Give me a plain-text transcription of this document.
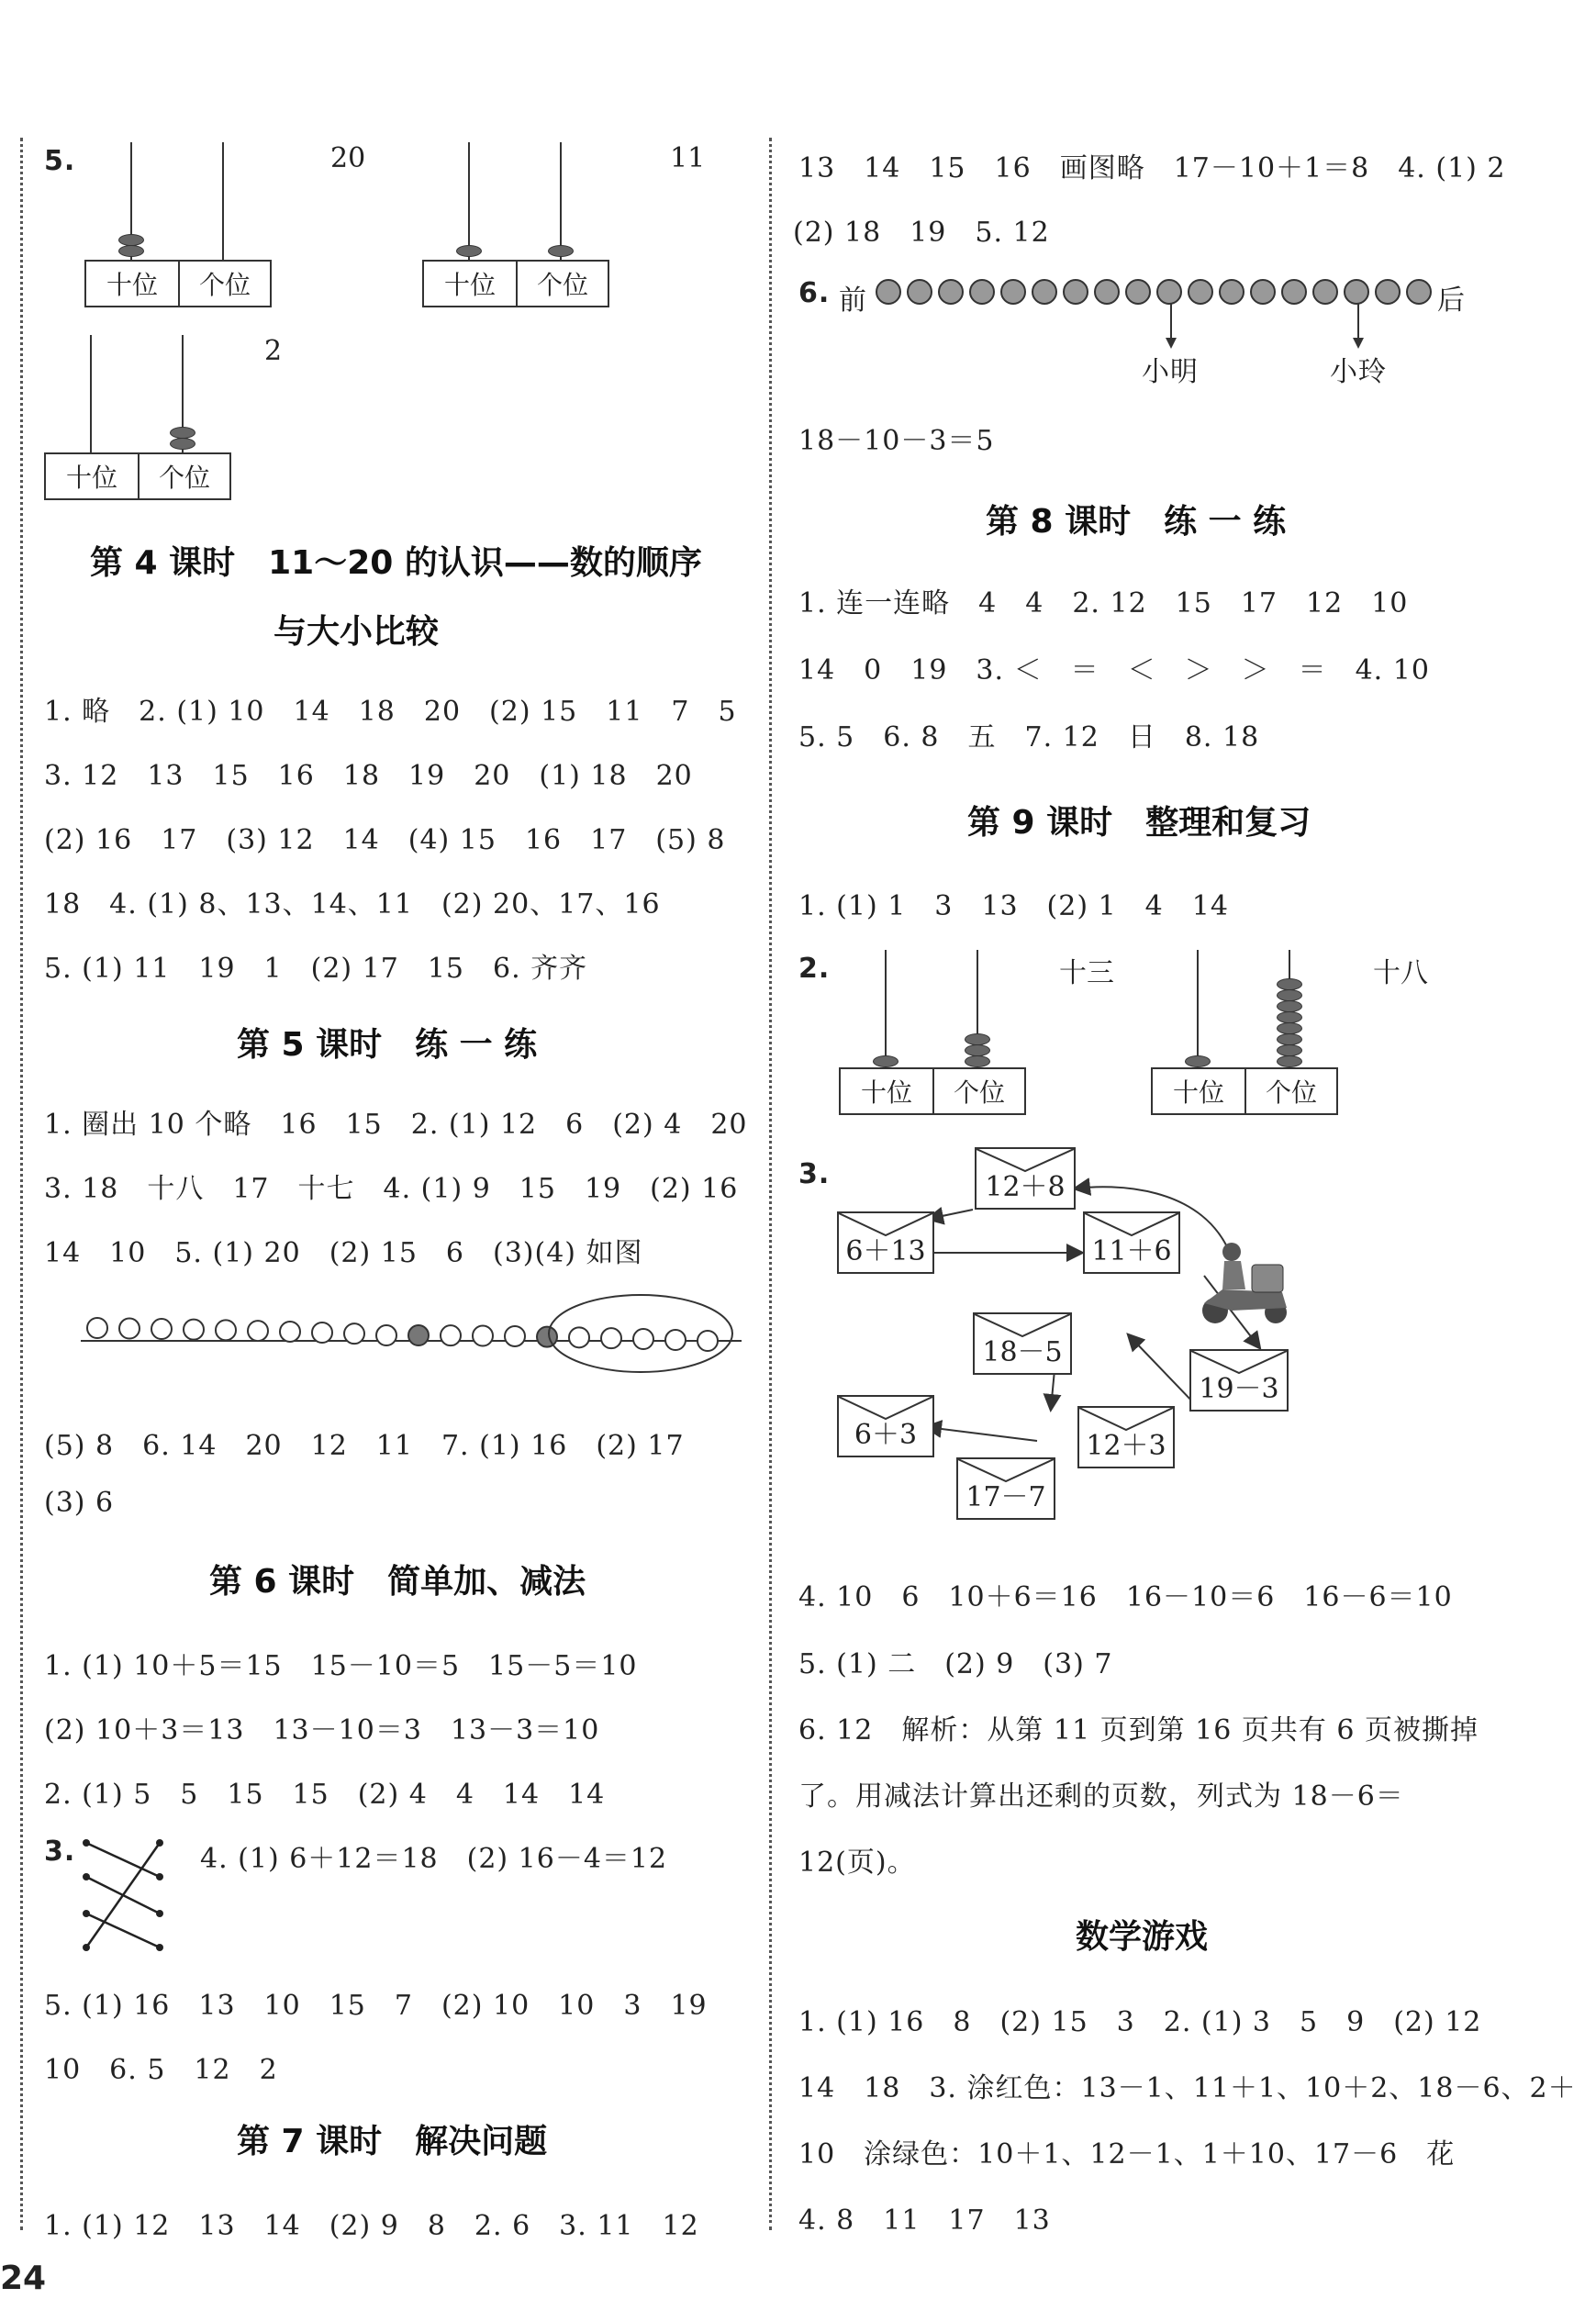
5.
十位	个位
20
十位	个位
11
十位	个位
2
第 4 课时　11～20 的认识——数的顺序
与大小比较
1. 略　2. (1) 10　14　18　20　(2) 15　11　7　5
3. 12　13　15　16　18　19　20　(1) 18　20
(2) 16　17　(3) 12　14　(4) 15　16　17　(5) 8
18　4. (1) 8、13、14、11　(2) 20、17、16
5. (1) 11　19　1　(2) 17　15　6. 齐齐
第 5 课时　练 一 练
1. 圈出 10 个略　16　15　2. (1) 12　6　(2) 4　20
3. 18　十八　17　十七　4. (1) 9　15　19　(2) 16
14　10　5. (1) 20　(2) 15　6　(3)(4) 如图
(5) 8　6. 14　20　12　11　7. (1) 16　(2) 17
(3) 6
第 6 课时　简单加、减法
1. (1) 10＋5＝15　15－10＝5　15－5＝10
(2) 10＋3＝13　13－10＝3　13－3＝10
2. (1) 5　5　15　15　(2) 4　4　14　14
3.	4. (1) 6＋12＝18　(2) 16－4＝12
5. (1) 16　13　10　15　7　(2) 10　10　3　19
10　6. 5　12　2
第 7 课时　解决问题
1. (1) 12　13　14　(2) 9　8　2. 6　3. 11　12
13　14　15　16　画图略　17－10＋1＝8　4. (1) 2
(2) 18　19　5. 12
6. 前	后
小明	小玲
18－10－3＝5
第 8 课时　练 一 练
1. 连一连略　4　4　2. 12　15　17　12　10
14　0　19　3. ＜　＝　＜　＞　＞　＝　4. 10
5. 5　6. 8　五　7. 12　日　8. 18
第 9 课时　整理和复习
1. (1) 1　3　13　(2) 1　4　14
2.
十位	个位
十三
十位	个位
十八
3.	12＋8
6＋13	11＋6
18－5
19－3
6＋3	12＋3
17－7
4. 10　6　10＋6＝16　16－10＝6　16－6＝10
5. (1) 二　(2) 9　(3) 7
6. 12　解析：从第 11 页到第 16 页共有 6 页被撕掉
了。用减法计算出还剩的页数，列式为 18－6＝
12(页)。
数学游戏
1. (1) 16　8　(2) 15　3　2. (1) 3　5　9　(2) 12
14　18　3. 涂红色：13－1、11＋1、10＋2、18－6、2＋
10　涂绿色：10＋1、12－1、1＋10、17－6　花
4. 8　11　17　13
24
